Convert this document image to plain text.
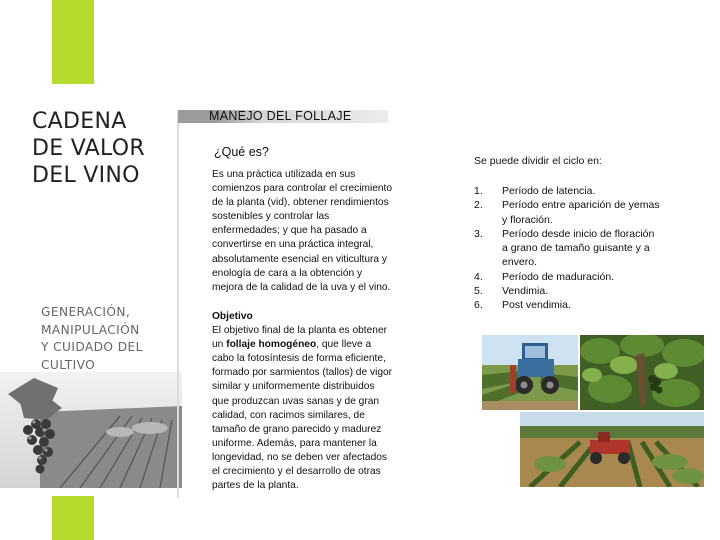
CADENA
DE VALOR
DEL VINO
GENERACIÓN,
MANIPULACIÓN
Y CUIDADO DEL
CULTIVO
MANEJO DEL FOLLAJE
¿Qué es?
Es una práctica utilizada en sus
comienzos para controlar el crecimiento
de la planta (vid), obtener rendimientos
sostenibles y controlar las
enfermedades; y que ha pasado a
convertirse en una práctica integral,
absolutamente esencial en viticultura y
enología de cara a la obtención y
mejora de la calidad de la uva y el vino.
Objetivo
El objetivo final de la planta es obtener
un follaje homogéneo, que lleve a
cabo la fotosíntesis de forma eficiente,
formado por sarmientos (tallos) de vigor
similar y uniformemente distribuidos
que produzcan uvas sanas y de gran
calidad, con racimos similares, de
tamaño de grano parecido y madurez
uniforme. Además, para mantener la
longevidad, no se deben ver afectados
el crecimiento y el desarrollo de otras
partes de la planta.
Se puede dividir el ciclo en:
1. Período de latencia.
2. Período entre aparición de yemas
y floración.
3. Período desde inicio de floración
a grano de tamaño guisante y a
envero.
4. Período de maduración.
5. Vendimia.
6. Post vendimia.
